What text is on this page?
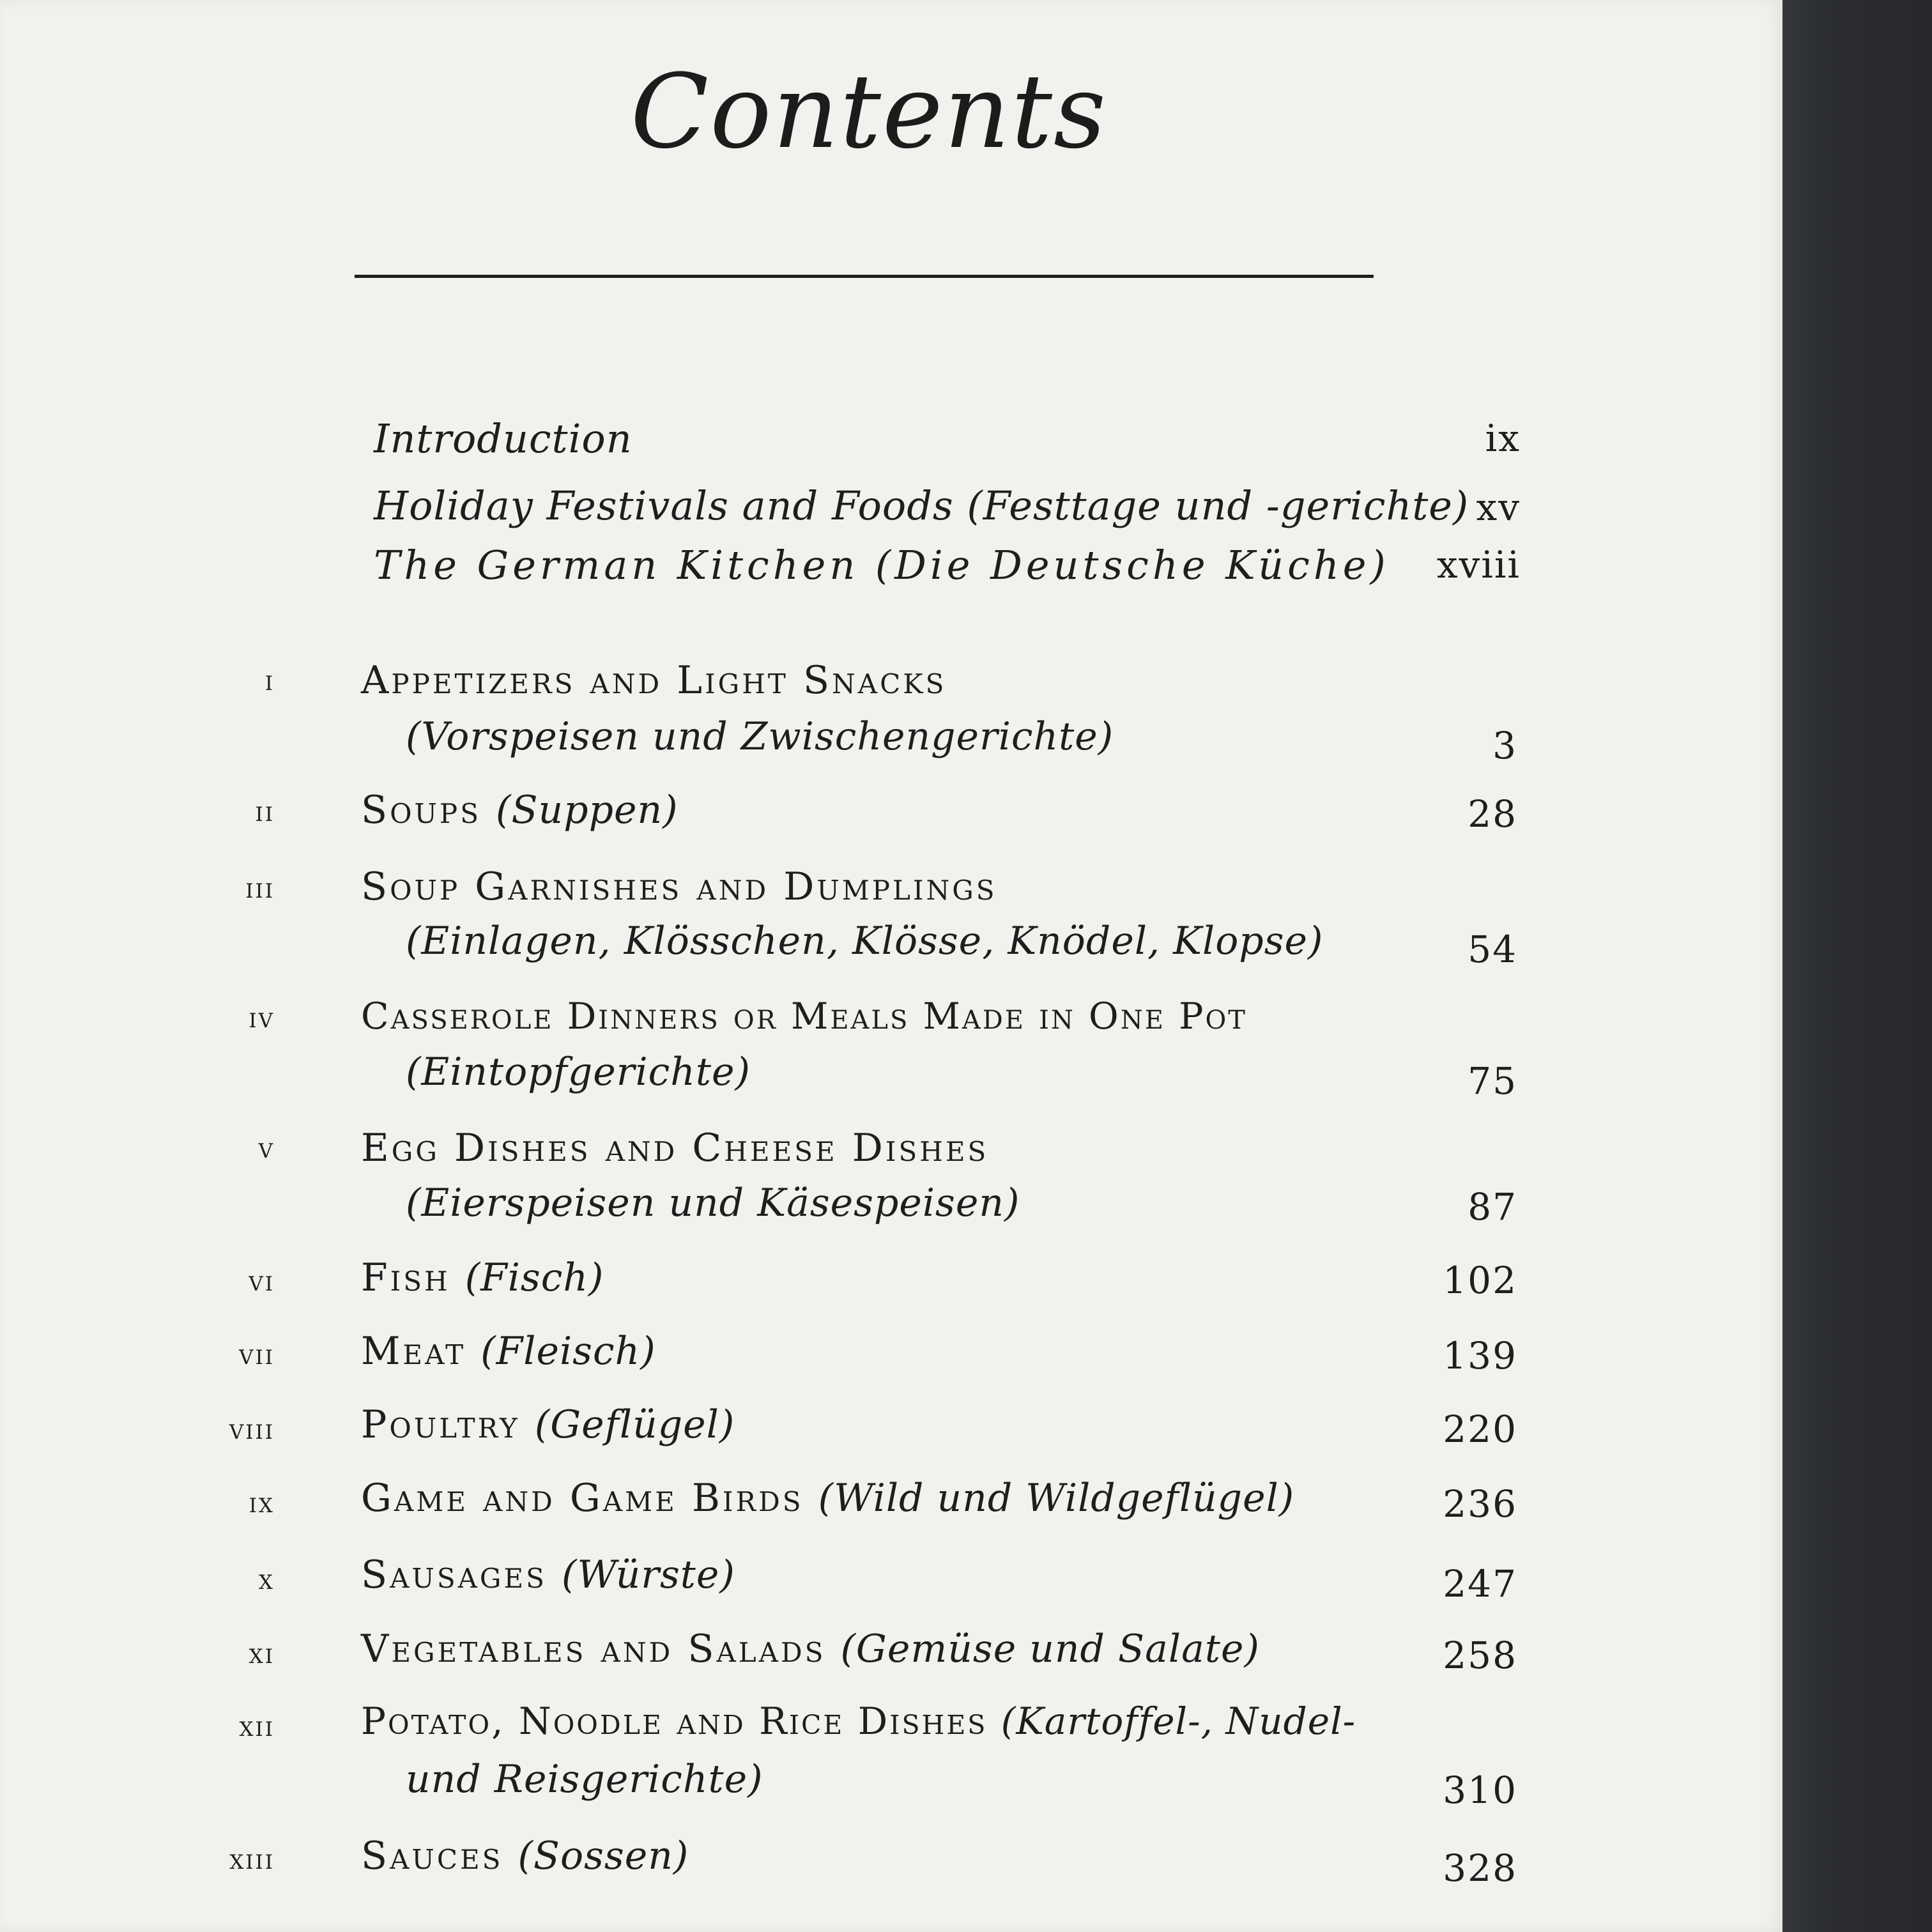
Contents
Introduction	ix
Holiday Festivals and Foods (Festtage und -gerichte) xv
The German Kitchen (Die Deutsche Küche)	xviii
i Appetizers and Light Snacks
(Vorspeisen und Zwischengerichte)	3
ii Soups (Suppen)	28
iii Soup Garnishes and Dumplings
(Einlagen, Klösschen, Klösse, Knödel, Klopse)	54
iv Casserole Dinners or Meals Made in One Pot
(Eintopfgerichte)	75
v Egg Dishes and Cheese Dishes
(Eierspeisen und Käsespeisen)	87
vi Fish (Fisch)	102
vii Meat (Fleisch)	139
viii Poultry (Geflügel)	220
ix Game and Game Birds (Wild und Wildgeflügel)	236
x Sausages (Würste)	247
xi Vegetables and Salads (Gemüse und Salate)	258
xii Potato, Noodle and Rice Dishes (Kartoffel-, Nudel-
und Reisgerichte)	310
xiii Sauces (Sossen)	328
